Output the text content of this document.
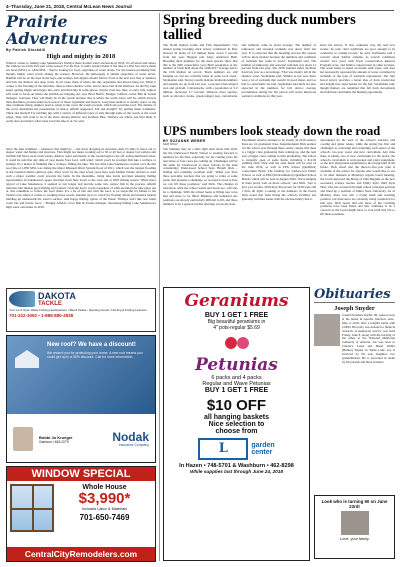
4–Thursday, June 21, 2018, Central McLean News Journal
Prairie Adventures
By Patrick Stockdill
High and mighty in 2018
When it comes to fishing Lake Sakakawea's Walleye these normal water elevations in 2018, it's all about and where the walleye are in the first part of the season. For the first, it really doesn't matter if the lake is 1,852 feet above mean sea level (MSL) or 1,840 MSL – they're looking for food, regardless of water levels. For the bounce-promising fish, though, higher water levels change the scenery. However, the philosophy is similar regardless of water levels. Baitfish will be on the feed in the bays, and walleye and anglers should follow. Food is the best tool. Rig or spinners and bait, the shallow and deep water. In all cases, there is where the tiny organisms and insects hang out. When it comes to the flooding of the shoreline, there is more shallow water, and so more bait in the shallows. As the Fig Lake keeps getting bigger and bigger into early and mid-July in some places, maybe even late June, or early July, anglers will want to focus on where the baitfish are hanging out, says Brad Hoffer, Bridger, Gifford, owner Bait & Tackle manager. Garrison. They will likely be in the weeds because that is where the warm water will be, which attracts their machines, protein-laden food source of those organisms and insects. Long lines shallow is mostly water, as the lake continues rising. Anglers need to relate to the cover the weeds provide, which also provides food. The density of the cover determines the presentation of choice, Affeldt suggested. Tall and straight? Try pulling small crankbaits. Thick and matted? Try pitching jigs with a variety of different types of tails through some of the weeds or the weed edges. They will want to be in the shore among shallow and northern Pike, 'Walleye are where you find them. It really does not matter what water level the lake is at,' he said.
Once the lake stabilizes – whenever that might be – and starts dropping in elevation, then it's time to move out to deeper water and humps and structure. That might not mean working out to 30 or 40 feet or deeper but walleye and baitfish will move away from weeds, shallow water and mostly as the weeds begin to die off, losing nutritional value. It could be said that any time of year means 'bare food, with wind,' which you'd be prodigal fish lake a walleye or perhaps it's a matter of thinking like a walleye, fishing the lake. The last time Lake Sakakawea crossed over the full pool line of 1,850 MSL was during the major Missouri River System flood of 2011, which was the longest flooding at the Garrison Dam's spillway gate. They won't be the ones seven years have seen Mother Nature decides to send such a major weather event towards the basin. In the meantime, rising lake levels provided amazing fishing opportunities in Sakakawea's upper stretches from New Town to the west end at 2018 fishing season. While that's typical of Lake Sakakawea, it seemed to last longer and provide some nice oxbow fish in the process. Affeldt indicates that muskie good fishing and tourists' catch the fewer words regardless of what elevation the lake plays out at. Just remember to follow the food chain. 'It's a lot of bait and with the food, to be respectful it's Dunes to the Tackle Cork where it comes to working those weeds. Another tip is to watch for floating debris and modern islands building up underneath the water's surface. And happy fishing. Quote of the Week: 'Walleye don't like real warm water but will follow food.' – Bridger Affeldt, Cows Bait & Tackle manager, discussing fishing Lake Sakakawea's high water elevations in 2018.
DAKOTA
TACKLE
Your Ice & Open Water Fishing Headquarters • Bait & Tackle • Sporting Goods • Hunting & Fishing Licenses
701-222-3092 • 1-888-880-4938
New roof? We have a discount!
We reward you for protecting your home. A new roof means you could get up to a 50% discount. Call for more information.
Bobbi Jo Krueger
Garrison • 463-2279	Nodak
Insurance Company
WINDOW SPECIAL
Whole House
$3,990*
Includes Labor & Materials
701-650-7469
CentralCityRemodelers.com
Spring breeding duck numbers tallied
The North Dakota Game and Fish Department's 71st annual spring breeding duck survey conducted in May showed an index of 2.9 million birds, down 5 percent from last year. Biggest pair fargo Anderson Butt! Breeding duck numbers for the duck species show that this is the 20th consecutive year. Both population of the number of birds held about the 1948-2017 average and is the 15th highest on record. 'Duck numbers are still hanging on, but are certainly better in some local areas,' Szymanski said. Survey results indicate mallards numbers and pintails are up from last year, a percent, blue-winged teal, and gadwall. Canvasbacks, with a population of 5.0 million, increased 5.7 percent. Whereas most species, such as shoveler, ducks, green-winged teal, canvasbacks and redheads came in about average. The number of temporary and seasonal wetlands was down from last year. 'It is expected that the breeding success this season will be more modest because the numbers and condition of wetlands has come in lower,' Szymanski said. The number of temporary and seasonal wetlands was down 21 percent from last year. The 2018 wetland index declined from last year as a percentage. 'That was mostly left in the shallow water. Szymanski said. 'Similar to last year, there were a lot of wetlands that weren't in good shape, and we had to count them,' he said. Szymanski said birds are also expected in the numbers for fall. Above average precipitation during the fall period will create improved wetland conditions for this year.
since the survey. 'It also continues over the next few weeks,' he said. 'And conditions are poor enough to be conducive to raising broods,' he said. Szymanski said a concern about habitat remains, as overall conditions weren't very good with fewer Conservation Reserve Program acres, and habitat conservation in other sections. The water index is based on basins with water, and does not necessarily represent the amount of water contained in wetlands or the type of wetlands represented. The July brood survey provides a better idea of duck production and insight into expectations for the fall, Szymanski said, though hunters are reminded that fall duck movements and behaviors determine the hunting opportunity.
UPS numbers look steady down the road
BY SUZANNE WEBER
Staff Writer
The Summer may be a little light until about mid 2018, but the Underwood Public School is looking forward to numbers for the time, especially for the coming years the next three or four years are coming up. Challenges will be the same for Underwood as most schools in the state considering; Underwood School Supt. Brandt Dick – finding and retaining excellent staff. 'When you have three part-time teachers that are going to retire at some point, that presents a challenge, so we need to look at how we can fill those positions,' said Dick. The changes in education, what the school wants and needs are, will also be a challenge. With the school looks at filling new roles that and more to be filled. Business and industrial arts positions are already particularly difficult to fill, and those numbers to be a general teacher shortage across the state.
Enrollment should continue to be steady. In 2019 seniors, there are 14, graduated class. Superintendent Dick pointed out the school year through these senior classes that there is a bigger class graduating than coming up, and the next year a bigger class coming in than graduating. The school is currently open of some funds, including a $12.00 building fund. Dick said the state funds will be paid on the June 2019, as well as EPA School (Qualified) Consortium Bond. The funding for Underwood Public School, as well as EPA (Environmental) Qualified School Bonds, which will be paid in August 2020. 'We're hanging in there pretty well on those schools,' said Dick. 'Just to give you an idea, 2018 may, 86 percent for 2018 were still a little bit light.' Looking at the numbers in the board, Dick noted that from hiring the school's facilities and generally includes issues with the enclosed entry that is
surrounded by the west of the school's entrance and cooling and gutter issues, while the spring has first and challenges to reviewing and evaluating each aspect of the school's two-year roster and new curriculum. Any time there is taking care of new curriculum for the board, the school's curriculum is well-stocked and plant equipment, so the new playground equipment to the playground in the future. Dick noted that the three-to-five-year plan is available at the school for anyone who would like to see it. In other business at Monday's regular board meeting, the board approved the hiring of John Barguhe as the new secondary science teacher and Emily Kyle, third Kyle Hoar who has accepted the high school principal position and lined up a position at Minot State University. As of Monday, there was still a trying math and teaching position, but interviews are currently being conducted for that spot. Dick noted that one more of the coaching positions have been filled, and that continues to be a concern as the board might have to wait until this fall to fill those positions.
Geraniums
BUY 1 GET 1 FREE
Big beautiful geraniums in
4" pots-regular $5.69
Petunias
6 packs and 4 packs
Regular and Wave Petunias
BUY 1 GET 1 FREE
$10 OFF
all hanging baskets
Nice selection to
choose from
L	garden
center
In Hazen • 748-5701 & Washburn • 462-8298
While supplies last through June 24, 2018
Obituaries
Joseph Snyder
Joseph Freeman Snyder, 86, passed away at his home in Apache Junction, Ariz., May 4, 2018, after a lengthy battle with COPD. His body was donated to medical research. A memorial service was held Friday, June 8, along with the burying of his ashes at the National Memorial Cemetery at Arizona. Joe was born to Clarence Louis and Hazel Waller (Hunter) Snyder in Turtle Lake. Joe is survived by his son, daughter, two grandchildren. He is preceded in death by his parents and three brothers.
Look who is turning 90 on June 23rd!
Love, your family
